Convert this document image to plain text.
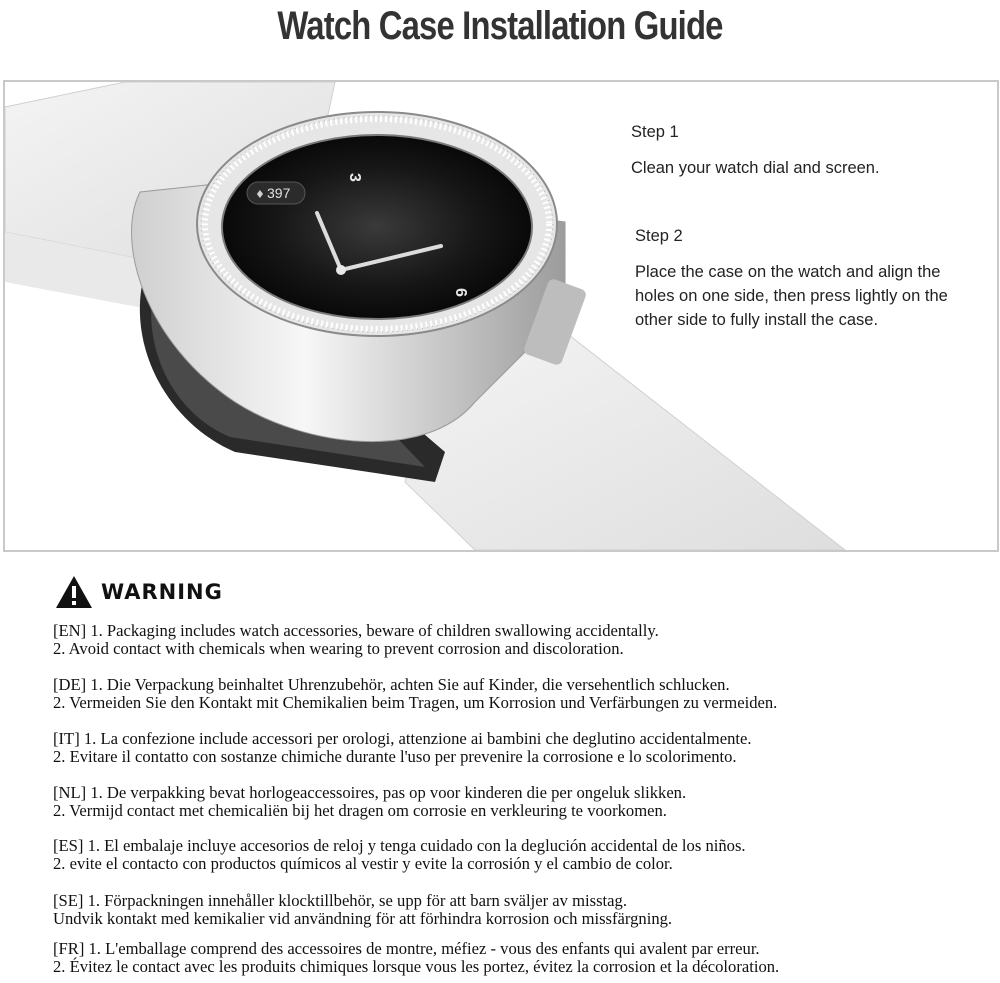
Watch Case Installation Guide
397
♦
3
6
Step 1
Clean your watch dial and screen.
Step 2
Place the case on the watch and align the holes on one side, then press lightly on the other side to fully install the case.
WARNING
[EN] 1. Packaging includes watch accessories, beware of children swallowing accidentally.
2. Avoid contact with chemicals when wearing to prevent corrosion and discoloration.
[DE] 1. Die Verpackung beinhaltet Uhrenzubehör, achten Sie auf Kinder, die versehentlich schlucken.
2. Vermeiden Sie den Kontakt mit Chemikalien beim Tragen, um Korrosion und Verfärbungen zu vermeiden.
[IT] 1. La confezione include accessori per orologi, attenzione ai bambini che deglutino accidentalmente.
2. Evitare il contatto con sostanze chimiche durante l'uso per prevenire la corrosione e lo scolorimento.
[NL] 1. De verpakking bevat horlogeaccessoires, pas op voor kinderen die per ongeluk slikken.
2. Vermijd contact met chemicaliën bij het dragen om corrosie en verkleuring te voorkomen.
[ES] 1. El embalaje incluye accesorios de reloj y tenga cuidado con la deglución accidental de los niños.
2. evite el contacto con productos químicos al vestir y evite la corrosión y el cambio de color.
[SE] 1. Förpackningen innehåller klocktillbehör, se upp för att barn sväljer av misstag.
Undvik kontakt med kemikalier vid användning för att förhindra korrosion och missfärgning.
[FR] 1. L'emballage comprend des accessoires de montre, méfiez - vous des enfants qui avalent par erreur.
2. Évitez le contact avec les produits chimiques lorsque vous les portez, évitez la corrosion et la décoloration.
